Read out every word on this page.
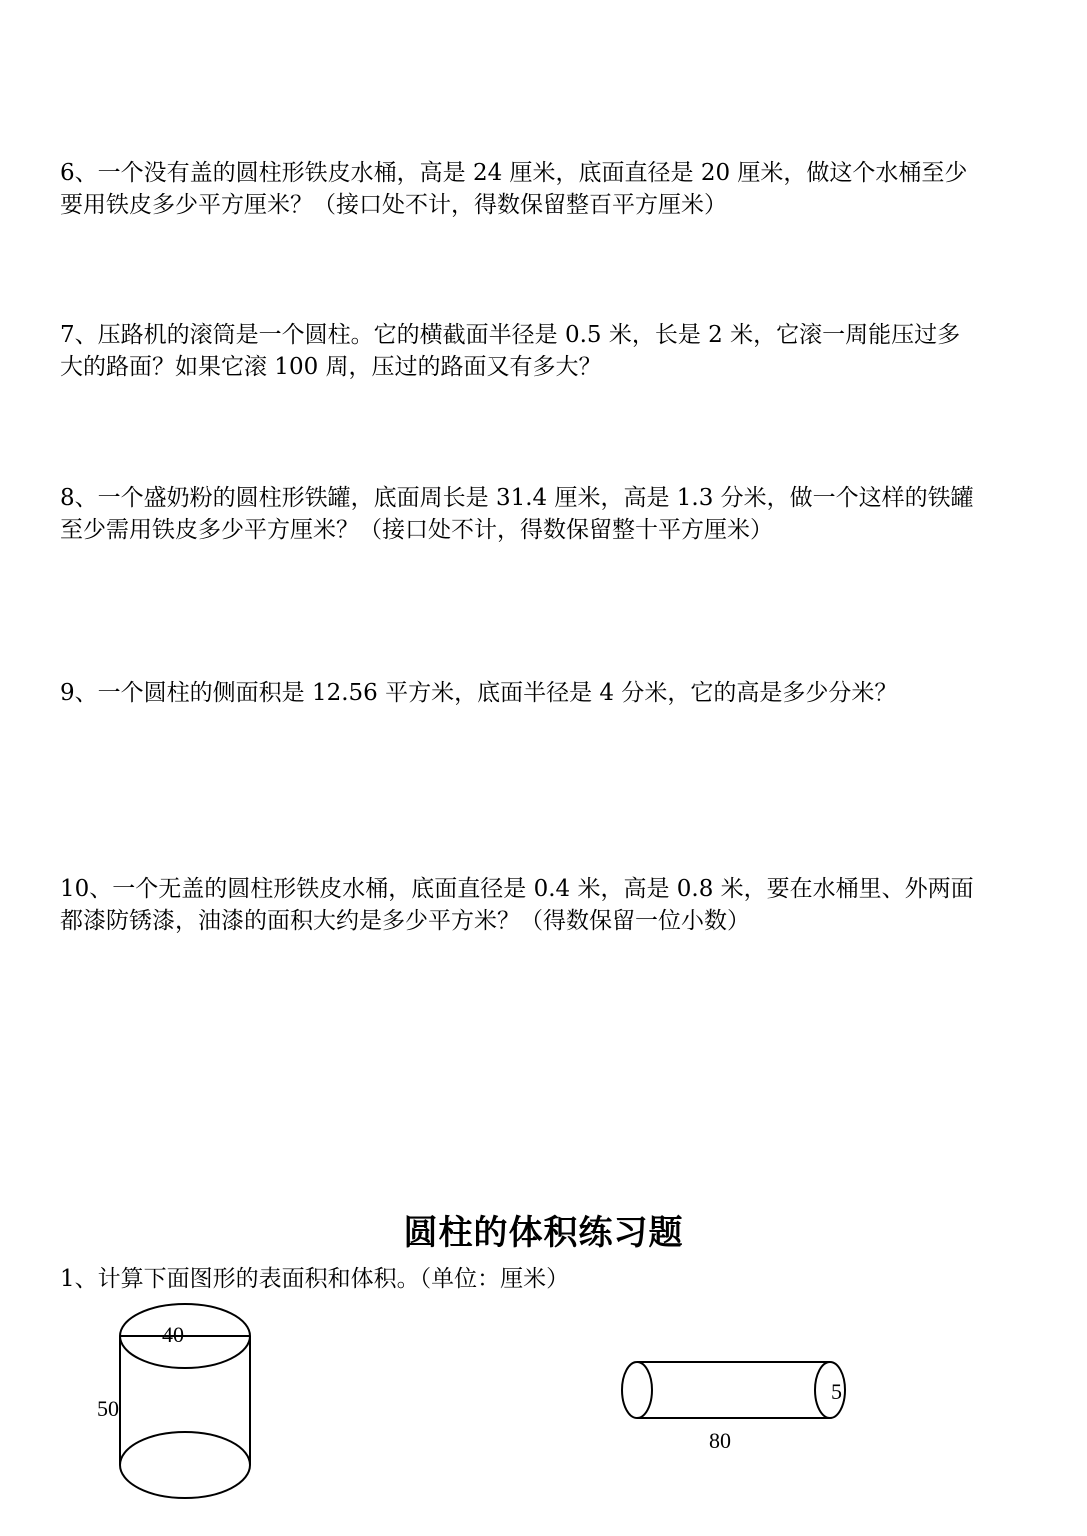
6、一个没有盖的圆柱形铁皮水桶，高是 24 厘米，底面直径是 20 厘米，做这个水桶至少
要用铁皮多少平方厘米？（接口处不计，得数保留整百平方厘米）
7、压路机的滚筒是一个圆柱。它的横截面半径是 0.5 米，长是 2 米，它滚一周能压过多
大的路面？如果它滚 100 周，压过的路面又有多大？
8、一个盛奶粉的圆柱形铁罐，底面周长是 31.4 厘米，高是 1.3 分米，做一个这样的铁罐
至少需用铁皮多少平方厘米？（接口处不计，得数保留整十平方厘米）
9、一个圆柱的侧面积是 12.56 平方米，底面半径是 4 分米，它的高是多少分米？
10、一个无盖的圆柱形铁皮水桶，底面直径是 0.4 米，高是 0.8 米，要在水桶里、外两面
都漆防锈漆，油漆的面积大约是多少平方米？（得数保留一位小数）
圆柱的体积练习题
1、计算下面图形的表面积和体积。（单位：厘米）
40
50
5
80
